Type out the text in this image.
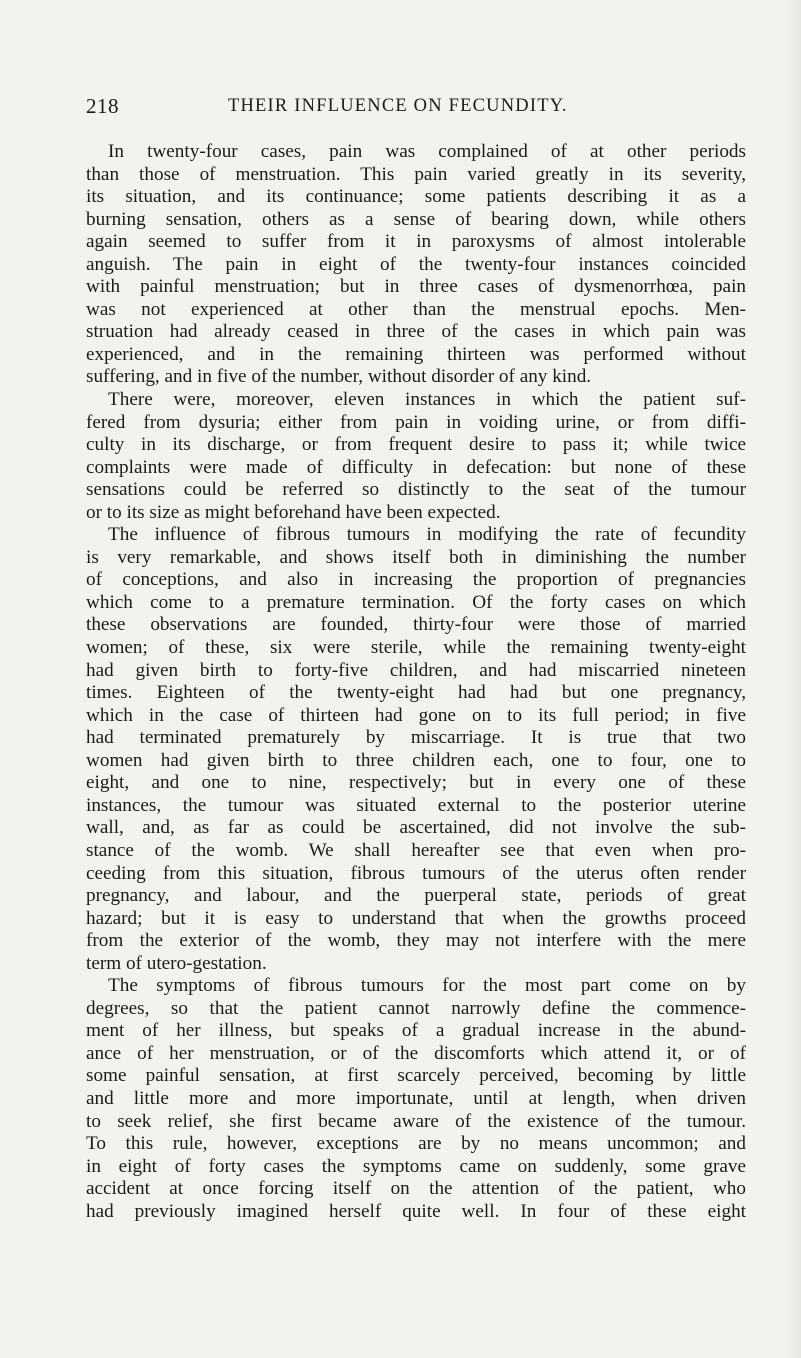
218	THEIR INFLUENCE ON FECUNDITY.
In twenty-four cases, pain was complained of at other periods
than those of menstruation. This pain varied greatly in its severity,
its situation, and its continuance; some patients describing it as a
burning sensation, others as a sense of bearing down, while others
again seemed to suffer from it in paroxysms of almost intolerable
anguish. The pain in eight of the twenty-four instances coincided
with painful menstruation; but in three cases of dysmenorrhœa, pain
was not experienced at other than the menstrual epochs. Men-
struation had already ceased in three of the cases in which pain was
experienced, and in the remaining thirteen was performed without
suffering, and in five of the number, without disorder of any kind.
There were, moreover, eleven instances in which the patient suf-
fered from dysuria; either from pain in voiding urine, or from diffi-
culty in its discharge, or from frequent desire to pass it; while twice
complaints were made of difficulty in defecation: but none of these
sensations could be referred so distinctly to the seat of the tumour
or to its size as might beforehand have been expected.
The influence of fibrous tumours in modifying the rate of fecundity
is very remarkable, and shows itself both in diminishing the number
of conceptions, and also in increasing the proportion of pregnancies
which come to a premature termination. Of the forty cases on which
these observations are founded, thirty-four were those of married
women; of these, six were sterile, while the remaining twenty-eight
had given birth to forty-five children, and had miscarried nineteen
times. Eighteen of the twenty-eight had had but one pregnancy,
which in the case of thirteen had gone on to its full period; in five
had terminated prematurely by miscarriage. It is true that two
women had given birth to three children each, one to four, one to
eight, and one to nine, respectively; but in every one of these
instances, the tumour was situated external to the posterior uterine
wall, and, as far as could be ascertained, did not involve the sub-
stance of the womb. We shall hereafter see that even when pro-
ceeding from this situation, fibrous tumours of the uterus often render
pregnancy, and labour, and the puerperal state, periods of great
hazard; but it is easy to understand that when the growths proceed
from the exterior of the womb, they may not interfere with the mere
term of utero-gestation.
The symptoms of fibrous tumours for the most part come on by
degrees, so that the patient cannot narrowly define the commence-
ment of her illness, but speaks of a gradual increase in the abund-
ance of her menstruation, or of the discomforts which attend it, or of
some painful sensation, at first scarcely perceived, becoming by little
and little more and more importunate, until at length, when driven
to seek relief, she first became aware of the existence of the tumour.
To this rule, however, exceptions are by no means uncommon; and
in eight of forty cases the symptoms came on suddenly, some grave
accident at once forcing itself on the attention of the patient, who
had previously imagined herself quite well. In four of these eight
